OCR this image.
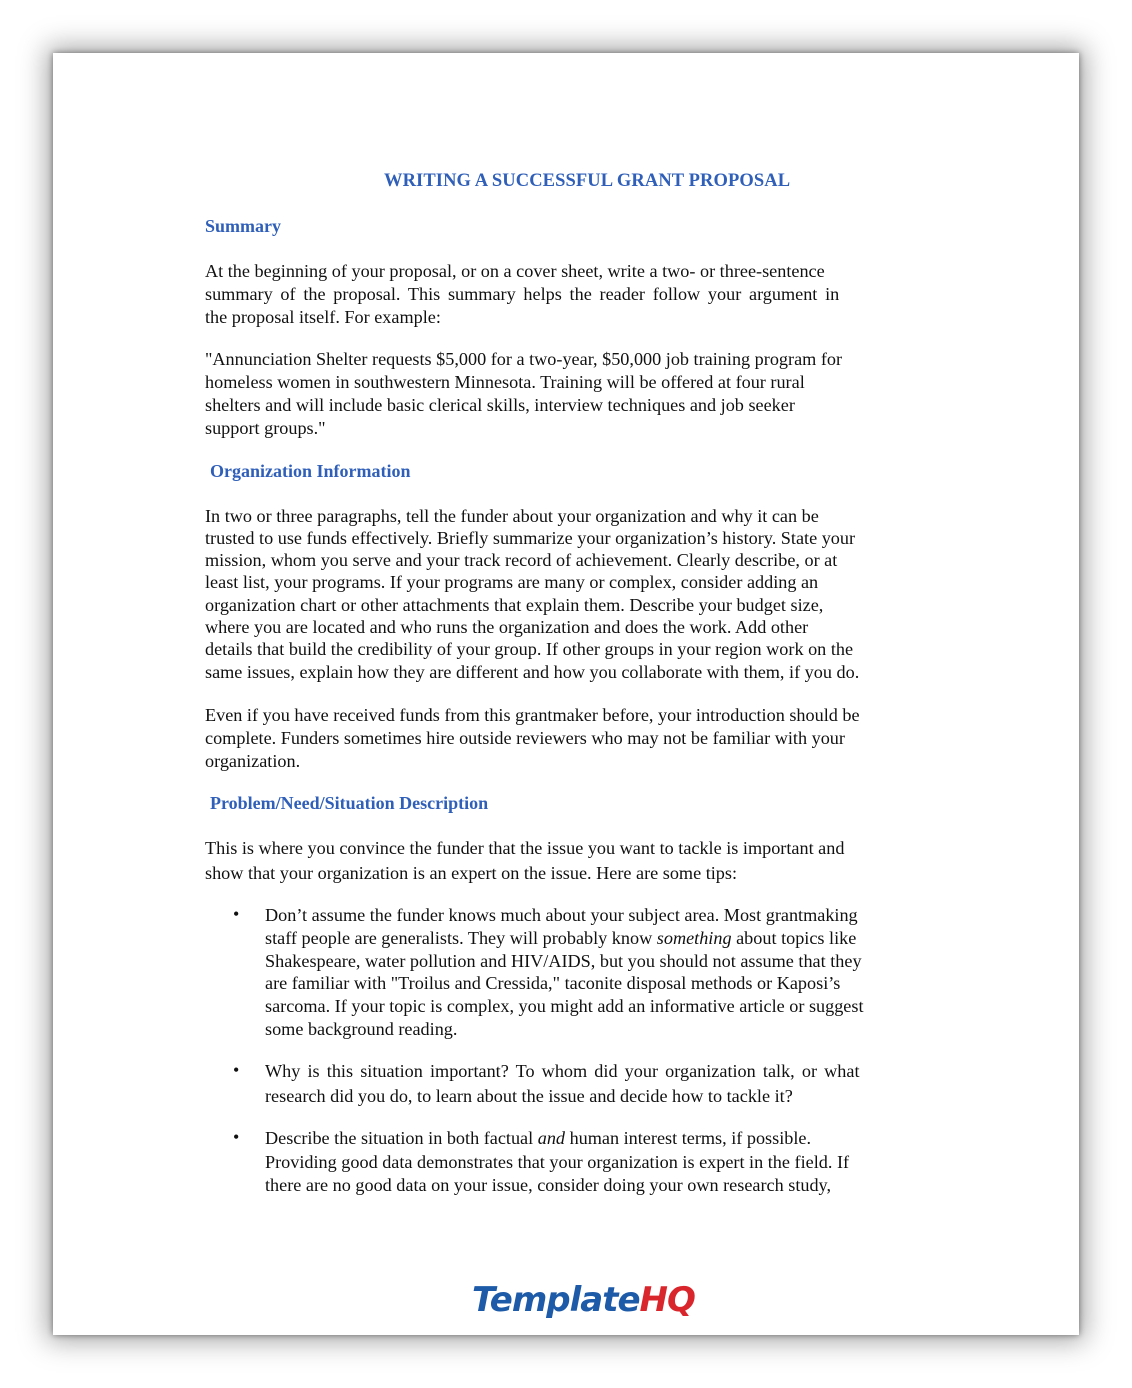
WRITING A SUCCESSFUL GRANT PROPOSAL
Summary
At the beginning of your proposal, or on a cover sheet, write a two- or three-sentence
summary of the proposal. This summary helps the reader follow your argument in
the proposal itself. For example:
"Annunciation Shelter requests $5,000 for a two-year, $50,000 job training program for
homeless women in southwestern Minnesota. Training will be offered at four rural
shelters and will include basic clerical skills, interview techniques and job seeker
support groups."
Organization Information
In two or three paragraphs, tell the funder about your organization and why it can be
trusted to use funds effectively. Briefly summarize your organization’s history. State your
mission, whom you serve and your track record of achievement. Clearly describe, or at
least list, your programs. If your programs are many or complex, consider adding an
organization chart or other attachments that explain them. Describe your budget size,
where you are located and who runs the organization and does the work. Add other
details that build the credibility of your group. If other groups in your region work on the
same issues, explain how they are different and how you collaborate with them, if you do.
Even if you have received funds from this grantmaker before, your introduction should be
complete. Funders sometimes hire outside reviewers who may not be familiar with your
organization.
Problem/Need/Situation Description
This is where you convince the funder that the issue you want to tackle is important and
show that your organization is an expert on the issue. Here are some tips:
• Don’t assume the funder knows much about your subject area. Most grantmaking
staff people are generalists. They will probably know something about topics like
Shakespeare, water pollution and HIV/AIDS, but you should not assume that they
are familiar with "Troilus and Cressida," taconite disposal methods or Kaposi’s
sarcoma. If your topic is complex, you might add an informative article or suggest
some background reading.
• Why is this situation important? To whom did your organization talk, or what
research did you do, to learn about the issue and decide how to tackle it?
• Describe the situation in both factual and human interest terms, if possible.
Providing good data demonstrates that your organization is expert in the field. If
there are no good data on your issue, consider doing your own research study,
TemplateHQ
